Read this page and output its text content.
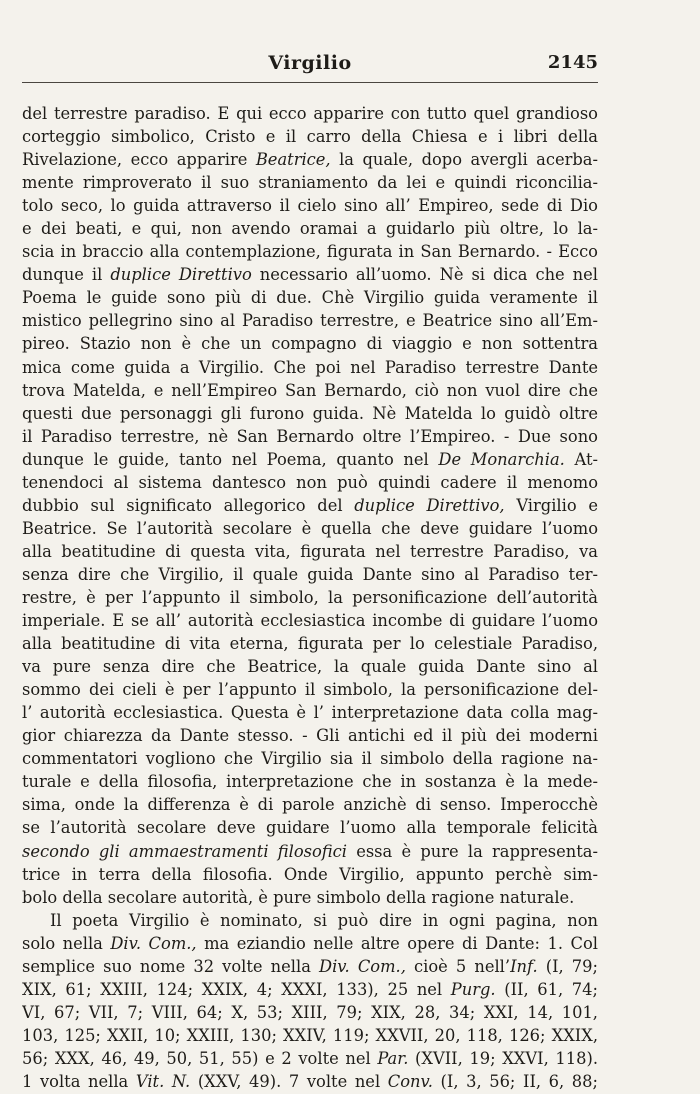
Virgilio	2145
del terrestre paradiso. E qui ecco apparire con tutto quel grandioso
corteggio simbolico, Cristo e il carro della Chiesa e i libri della
Rivelazione, ecco apparire Beatrice, la quale, dopo avergli acerba-
mente rimproverato il suo straniamento da lei e quindi riconcilia-
tolo seco, lo guida attraverso il cielo sino all’ Empireo, sede di Dio
e dei beati, e qui, non avendo oramai a guidarlo più oltre, lo la-
scia in braccio alla contemplazione, figurata in San Bernardo. - Ecco
dunque il duplice Direttivo necessario all’uomo. Nè si dica che nel
Poema le guide sono più di due. Chè Virgilio guida veramente il
mistico pellegrino sino al Paradiso terrestre, e Beatrice sino all’Em-
pireo. Stazio non è che un compagno di viaggio e non sottentra
mica come guida a Virgilio. Che poi nel Paradiso terrestre Dante
trova Matelda, e nell’Empireo San Bernardo, ciò non vuol dire che
questi due personaggi gli furono guida. Nè Matelda lo guidò oltre
il Paradiso terrestre, nè San Bernardo oltre l’Empireo. - Due sono
dunque le guide, tanto nel Poema, quanto nel De Monarchia. At-
tenendoci al sistema dantesco non può quindi cadere il menomo
dubbio sul significato allegorico del duplice Direttivo, Virgilio e
Beatrice. Se l’autorità secolare è quella che deve guidare l’uomo
alla beatitudine di questa vita, figurata nel terrestre Paradiso, va
senza dire che Virgilio, il quale guida Dante sino al Paradiso ter-
restre, è per l’appunto il simbolo, la personificazione dell’autorità
imperiale. E se all’ autorità ecclesiastica incombe di guidare l’uomo
alla beatitudine di vita eterna, figurata per lo celestiale Paradiso,
va pure senza dire che Beatrice, la quale guida Dante sino al
sommo dei cieli è per l’appunto il simbolo, la personificazione del-
l’ autorità ecclesiastica. Questa è l’ interpretazione data colla mag-
gior chiarezza da Dante stesso. - Gli antichi ed il più dei moderni
commentatori vogliono che Virgilio sia il simbolo della ragione na-
turale e della filosofia, interpretazione che in sostanza è la mede-
sima, onde la differenza è di parole anzichè di senso. Imperocchè
se l’autorità secolare deve guidare l’uomo alla temporale felicità
secondo gli ammaestramenti filosofici essa è pure la rappresenta-
trice in terra della filosofia. Onde Virgilio, appunto perchè sim-
bolo della secolare autorità, è pure simbolo della ragione naturale.
Il poeta Virgilio è nominato, si può dire in ogni pagina, non
solo nella Div. Com., ma eziandio nelle altre opere di Dante: 1. Col
semplice suo nome 32 volte nella Div. Com., cioè 5 nell’Inf. (I, 79;
XIX, 61; XXIII, 124; XXIX, 4; XXXI, 133), 25 nel Purg. (II, 61, 74;
VI, 67; VII, 7; VIII, 64; X, 53; XIII, 79; XIX, 28, 34; XXI, 14, 101,
103, 125; XXII, 10; XXIII, 130; XXIV, 119; XXVII, 20, 118, 126; XXIX,
56; XXX, 46, 49, 50, 51, 55) e 2 volte nel Par. (XVII, 19; XXVI, 118).
1 volta nella Vit. N. (XXV, 49). 7 volte nel Conv. (I, 3, 56; II, 6, 88;
